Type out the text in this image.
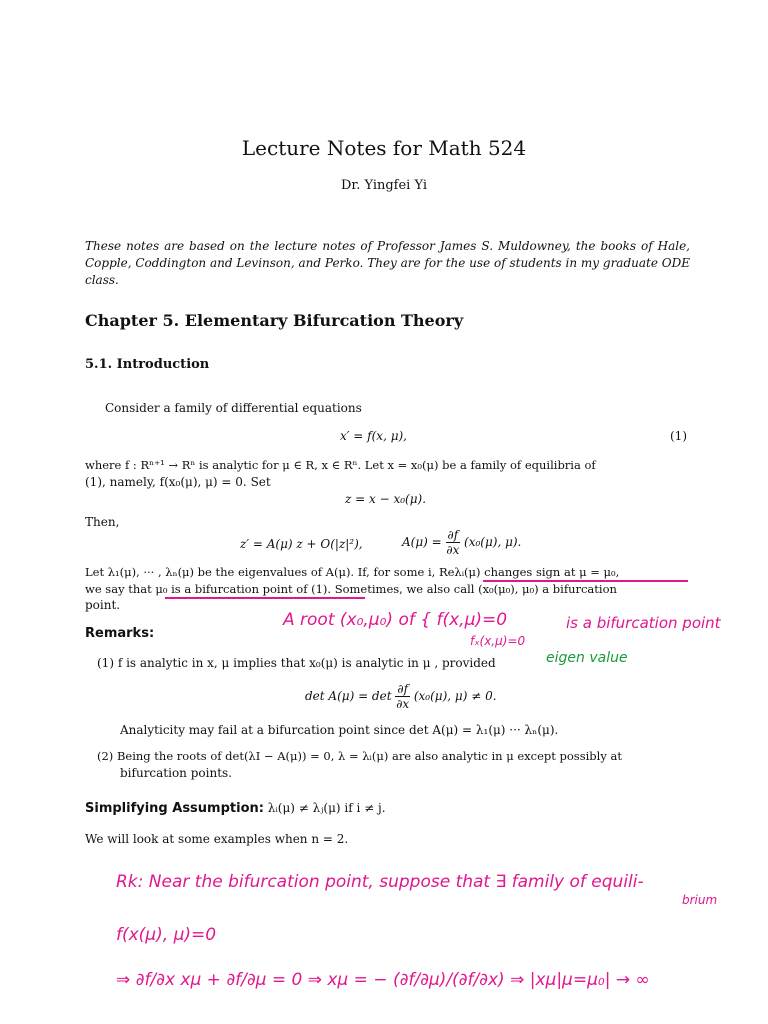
Lecture Notes for Math 524
Dr. Yingfei Yi
These notes are based on the lecture notes of Professor James S. Muldowney, the books of Hale, Copple, Coddington and Levinson, and Perko. They are for the use of students in my graduate ODE class.
Chapter 5. Elementary Bifurcation Theory
5.1. Introduction
Consider a family of differential equations
x′ = f(x, μ),	(1)
where f : Rⁿ⁺¹ → Rⁿ is analytic for μ ∈ R, x ∈ Rⁿ. Let x = x₀(μ) be a family of equilibria of
(1), namely, f(x₀(μ), μ) = 0. Set
z = x − x₀(μ).
Then,
z′ = A(μ) z + O(|z|²),	$A(\mu) = \frac{\partial f}{\partial x} (x_0(\mu)$, μ).
Let λ₁(μ), ··· , λₙ(μ) be the eigenvalues of A(μ). If, for some i, Reλᵢ(μ) changes sign at μ = μ₀,
we say that μ₀ is a bifurcation point of (1). Sometimes, we also call (x₀(μ₀), μ₀) a bifurcation
point.
Remarks:
(1) f is analytic in x, μ implies that x₀(μ) is analytic in μ , provided
$\det A(\mu) = \det \frac{\partial f}{\partial x} (x_0(\mu)$, μ) ≠ 0.
Analyticity may fail at a bifurcation point since det A(μ) = λ₁(μ) ··· λₙ(μ).
(2) Being the roots of det(λI − A(μ)) = 0, λ = λᵢ(μ) are also analytic in μ except possibly at
bifurcation points.
Simplifying Assumption: λᵢ(μ) ≠ λⱼ(μ) if i ≠ j.
We will look at some examples when n = 2.
A root (x₀,μ₀) of { f(x,μ)=0
fₓ(x,μ)=0
is a bifurcation point
eigen value
Rk: Near the bifurcation point, suppose that ∃ family of equili-
brium
f(x(μ), μ)=0
⇒ ∂f/∂x xμ + ∂f/∂μ = 0 ⇒ xμ = − (∂f/∂μ)/(∂f/∂x) ⇒ |xμ|μ=μ₀| → ∞
